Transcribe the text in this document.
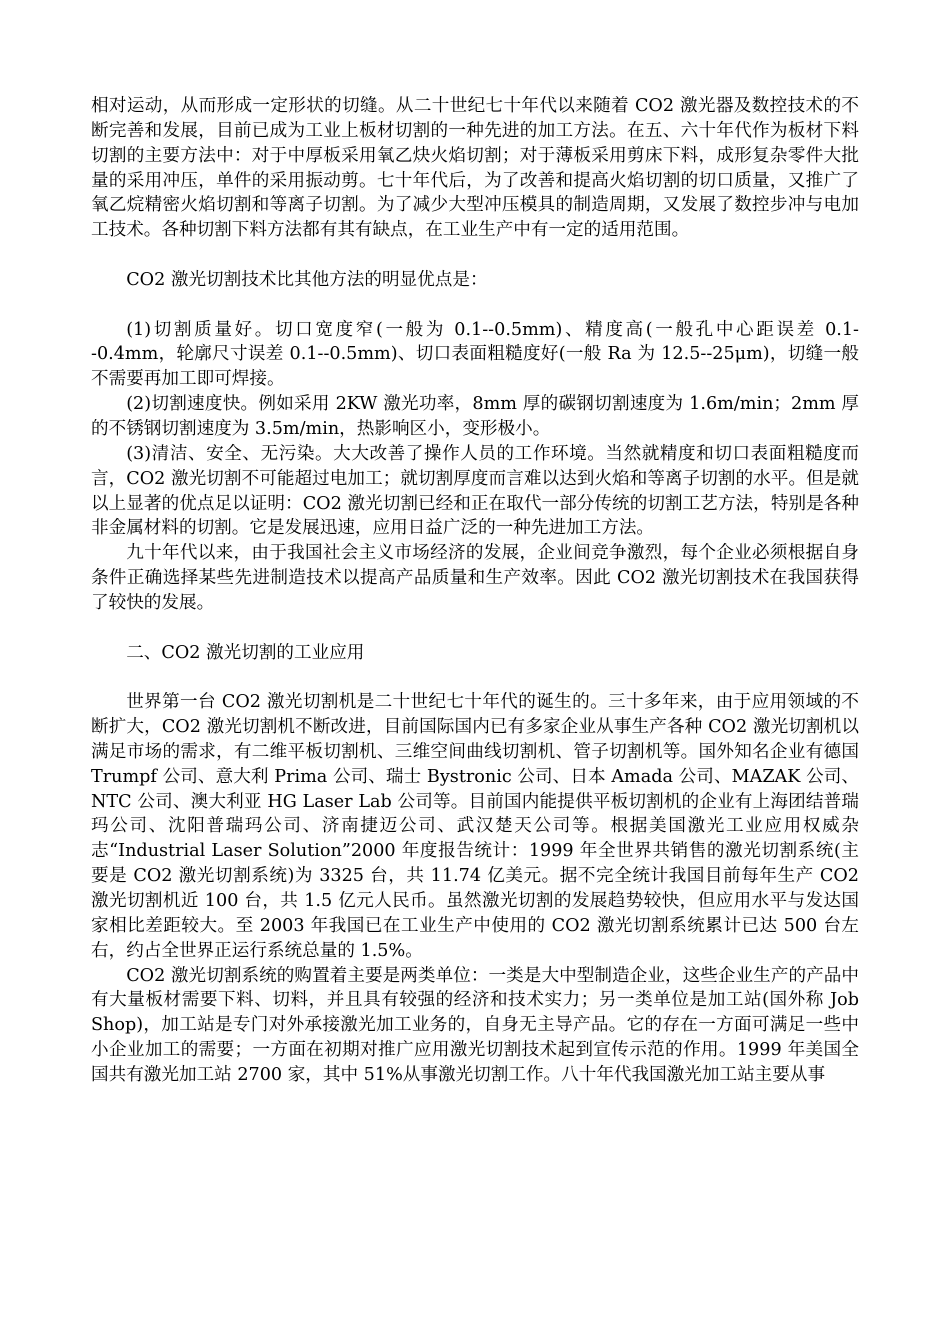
相对运动，从而形成一定形状的切缝。从二十世纪七十年代以来随着 CO2 激光器及数控技术的不断完善和发展，目前已成为工业上板材切割的一种先进的加工方法。在五、六十年代作为板材下料切割的主要方法中：对于中厚板采用氧乙炔火焰切割；对于薄板采用剪床下料，成形复杂零件大批量的采用冲压，单件的采用振动剪。七十年代后，为了改善和提高火焰切割的切口质量，又推广了氧乙烷精密火焰切割和等离子切割。为了减少大型冲压模具的制造周期，又发展了数控步冲与电加工技术。各种切割下料方法都有其有缺点，在工业生产中有一定的适用范围。

CO2 激光切割技术比其他方法的明显优点是：

(1)切割质量好。切口宽度窄(一般为 0.1--0.5mm)、精度高(一般孔中心距误差 0.1--0.4mm，轮廓尺寸误差 0.1--0.5mm)、切口表面粗糙度好(一般 Ra 为 12.5--25μm)，切缝一般不需要再加工即可焊接。

(2)切割速度快。例如采用 2KW 激光功率，8mm 厚的碳钢切割速度为 1.6m/min；2mm 厚的不锈钢切割速度为 3.5m/min，热影响区小，变形极小。

(3)清洁、安全、无污染。大大改善了操作人员的工作环境。当然就精度和切口表面粗糙度而言，CO2 激光切割不可能超过电加工；就切割厚度而言难以达到火焰和等离子切割的水平。但是就以上显著的优点足以证明：CO2 激光切割已经和正在取代一部分传统的切割工艺方法，特别是各种非金属材料的切割。它是发展迅速，应用日益广泛的一种先进加工方法。

九十年代以来，由于我国社会主义市场经济的发展，企业间竞争激烈，每个企业必须根据自身条件正确选择某些先进制造技术以提高产品质量和生产效率。因此 CO2 激光切割技术在我国获得了较快的发展。

二、CO2 激光切割的工业应用

世界第一台 CO2 激光切割机是二十世纪七十年代的诞生的。三十多年来，由于应用领域的不断扩大，CO2 激光切割机不断改进，目前国际国内已有多家企业从事生产各种 CO2 激光切割机以满足市场的需求，有二维平板切割机、三维空间曲线切割机、管子切割机等。国外知名企业有德国 Trumpf 公司、意大利 Prima 公司、瑞士 Bystronic 公司、日本 Amada 公司、MAZAK 公司、NTC 公司、澳大利亚 HG Laser Lab 公司等。目前国内能提供平板切割机的企业有上海团结普瑞玛公司、沈阳普瑞玛公司、济南捷迈公司、武汉楚天公司等。根据美国激光工业应用权威杂志“Industrial Laser Solution”2000 年度报告统计：1999 年全世界共销售的激光切割系统(主要是 CO2 激光切割系统)为 3325 台，共 11.74 亿美元。据不完全统计我国目前每年生产 CO2 激光切割机近 100 台，共 1.5 亿元人民币。虽然激光切割的发展趋势较快，但应用水平与发达国家相比差距较大。至 2003 年我国已在工业生产中使用的 CO2 激光切割系统累计已达 500 台左右，约占全世界正运行系统总量的 1.5%。

CO2 激光切割系统的购置着主要是两类单位：一类是大中型制造企业，这些企业生产的产品中有大量板材需要下料、切料，并且具有较强的经济和技术实力；另一类单位是加工站(国外称 Job Shop)，加工站是专门对外承接激光加工业务的，自身无主导产品。它的存在一方面可满足一些中小企业加工的需要；一方面在初期对推广应用激光切割技术起到宣传示范的作用。1999 年美国全国共有激光加工站 2700 家，其中 51%从事激光切割工作。八十年代我国激光加工站主要从事
